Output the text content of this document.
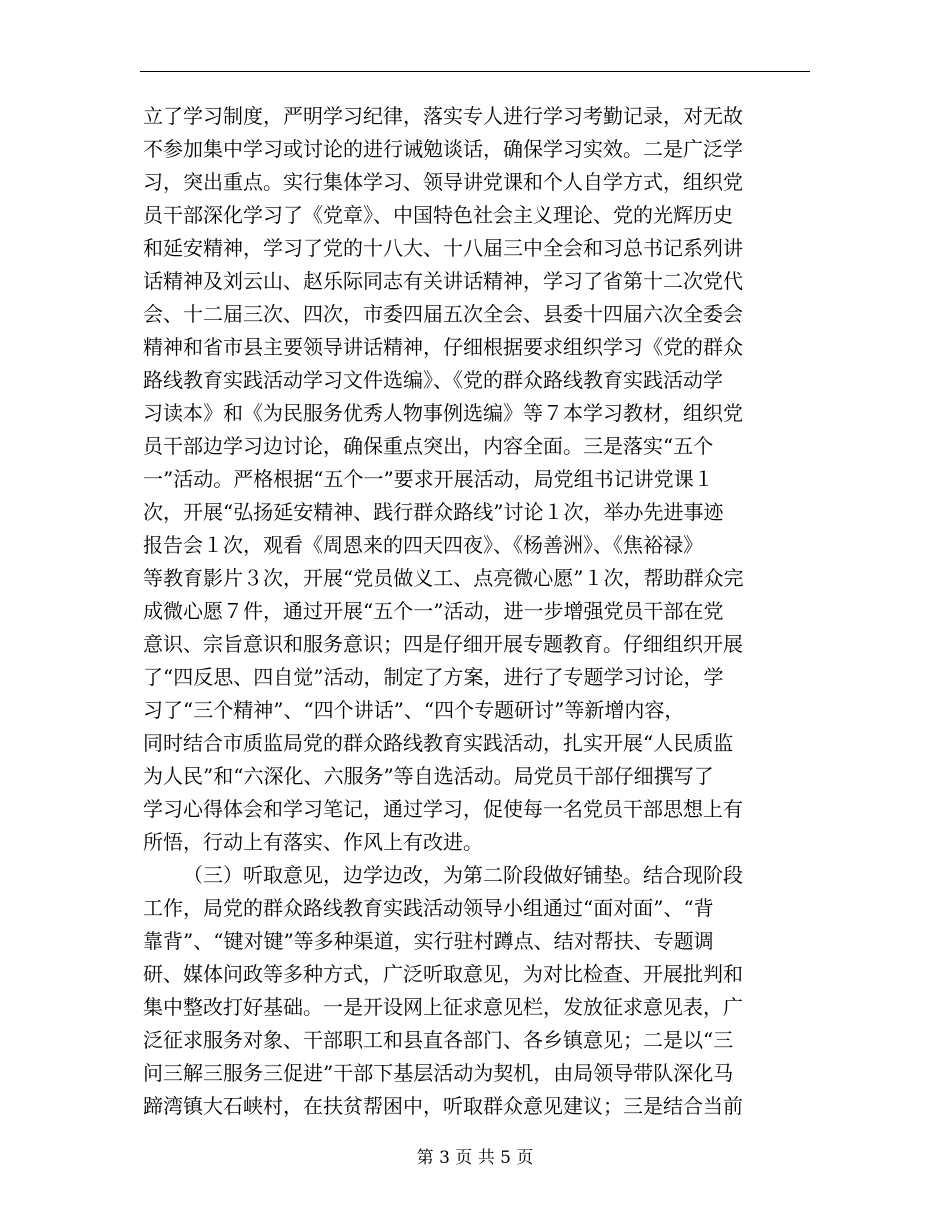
立了学习制度，严明学习纪律，落实专人进行学习考勤记录，对无故
不参加集中学习或讨论的进行诫勉谈话，确保学习实效。二是广泛学
习，突出重点。实行集体学习、领导讲党课和个人自学方式，组织党
员干部深化学习了《党章》、中国特色社会主义理论、党的光辉历史
和延安精神，学习了党的十八大、十八届三中全会和习总书记系列讲
话精神及刘云山、赵乐际同志有关讲话精神，学习了省第十二次党代
会、十二届三次、四次，市委四届五次全会、县委十四届六次全委会
精神和省市县主要领导讲话精神，仔细根据要求组织学习《党的群众
路线教育实践活动学习文件选编》、《党的群众路线教育实践活动学
习读本》和《为民服务优秀人物事例选编》等７本学习教材，组织党
员干部边学习边讨论，确保重点突出，内容全面。三是落实“五个
一”活动。严格根据“五个一”要求开展活动，局党组书记讲党课１
次，开展“弘扬延安精神、践行群众路线”讨论１次，举办先进事迹
报告会１次，观看《周恩来的四天四夜》、《杨善洲》、《焦裕禄》
等教育影片３次，开展“党员做义工、点亮微心愿”１次，帮助群众完
成微心愿７件，通过开展“五个一”活动，进一步增强党员干部在党
意识、宗旨意识和服务意识；四是仔细开展专题教育。仔细组织开展
了“四反思、四自觉”活动，制定了方案，进行了专题学习讨论，学
习了“三个精神”、“四个讲话”、“四个专题研讨”等新增内容，
同时结合市质监局党的群众路线教育实践活动，扎实开展“人民质监
为人民”和“六深化、六服务”等自选活动。局党员干部仔细撰写了
学习心得体会和学习笔记，通过学习，促使每一名党员干部思想上有
所悟，行动上有落实、作风上有改进。
（三）听取意见，边学边改，为第二阶段做好铺垫。结合现阶段
工作，局党的群众路线教育实践活动领导小组通过“面对面”、“背
靠背”、“键对键”等多种渠道，实行驻村蹲点、结对帮扶、专题调
研、媒体问政等多种方式，广泛听取意见，为对比检查、开展批判和
集中整改打好基础。一是开设网上征求意见栏，发放征求意见表，广
泛征求服务对象、干部职工和县直各部门、各乡镇意见；二是以“三
问三解三服务三促进”干部下基层活动为契机，由局领导带队深化马
蹄湾镇大石峡村，在扶贫帮困中，听取群众意见建议；三是结合当前
第 3 页 共 5 页
